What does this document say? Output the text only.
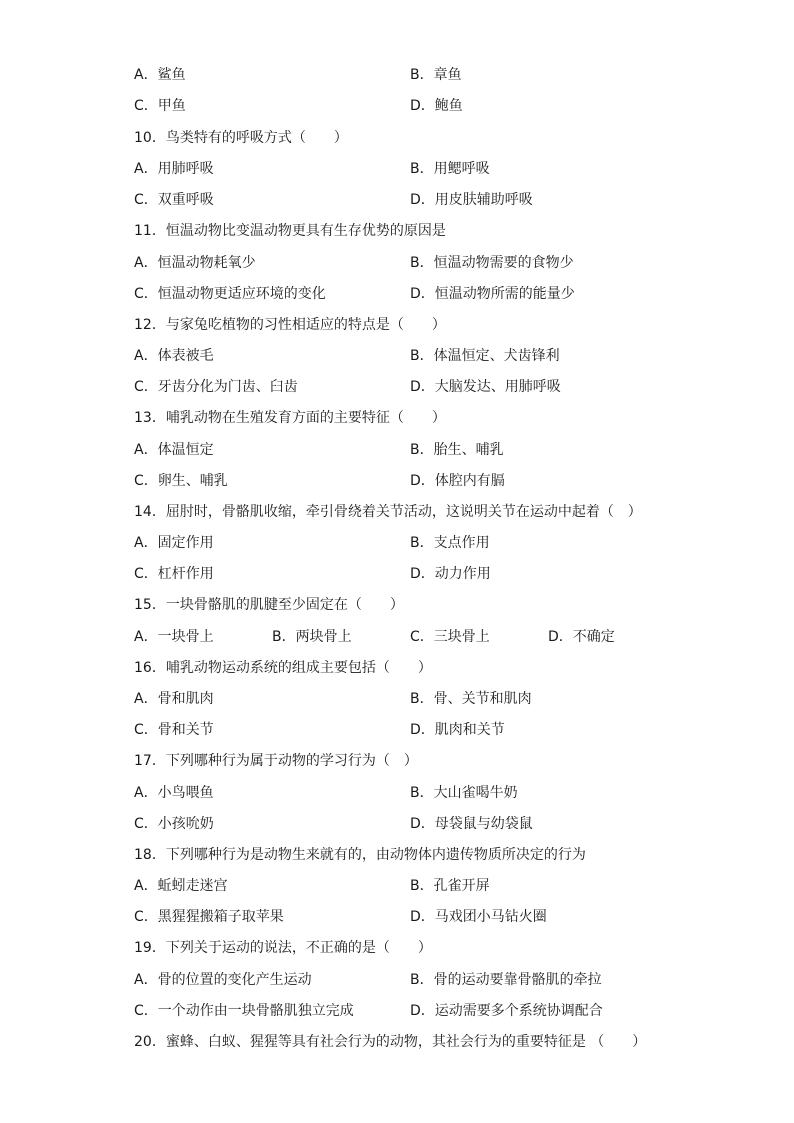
A．鲨鱼	B．章鱼
C．甲鱼	D．鲍鱼
10．鸟类特有的呼吸方式（　　）
A．用肺呼吸	B．用鳃呼吸
C．双重呼吸	D．用皮肤辅助呼吸
11．恒温动物比变温动物更具有生存优势的原因是
A．恒温动物耗氧少	B．恒温动物需要的食物少
C．恒温动物更适应环境的变化	D．恒温动物所需的能量少
12．与家兔吃植物的习性相适应的特点是（　　）
A．体表被毛	B．体温恒定、犬齿锋利
C．牙齿分化为门齿、臼齿	D．大脑发达、用肺呼吸
13．哺乳动物在生殖发育方面的主要特征（　　）
A．体温恒定	B．胎生、哺乳
C．卵生、哺乳	D．体腔内有膈
14．屈肘时，骨骼肌收缩，牵引骨绕着关节活动，这说明关节在运动中起着（　）
A．固定作用	B．支点作用
C．杠杆作用	D．动力作用
15．一块骨骼肌的肌腱至少固定在（　　）
A．一块骨上	B．两块骨上	C．三块骨上	D．不确定
16．哺乳动物运动系统的组成主要包括（　　）
A．骨和肌肉	B．骨、关节和肌肉
C．骨和关节	D．肌肉和关节
17．下列哪种行为属于动物的学习行为（　）
A．小鸟喂鱼	B．大山雀喝牛奶
C．小孩吮奶	D．母袋鼠与幼袋鼠
18．下列哪种行为是动物生来就有的，由动物体内遗传物质所决定的行为
A．蚯蚓走迷宫	B．孔雀开屏
C．黑猩猩搬箱子取苹果	D．马戏团小马钻火圈
19．下列关于运动的说法，不正确的是（　　）
A．骨的位置的变化产生运动	B．骨的运动要靠骨骼肌的牵拉
C．一个动作由一块骨骼肌独立完成	D．运动需要多个系统协调配合
20．蜜蜂、白蚁、猩猩等具有社会行为的动物，其社会行为的重要特征是 （　　）
